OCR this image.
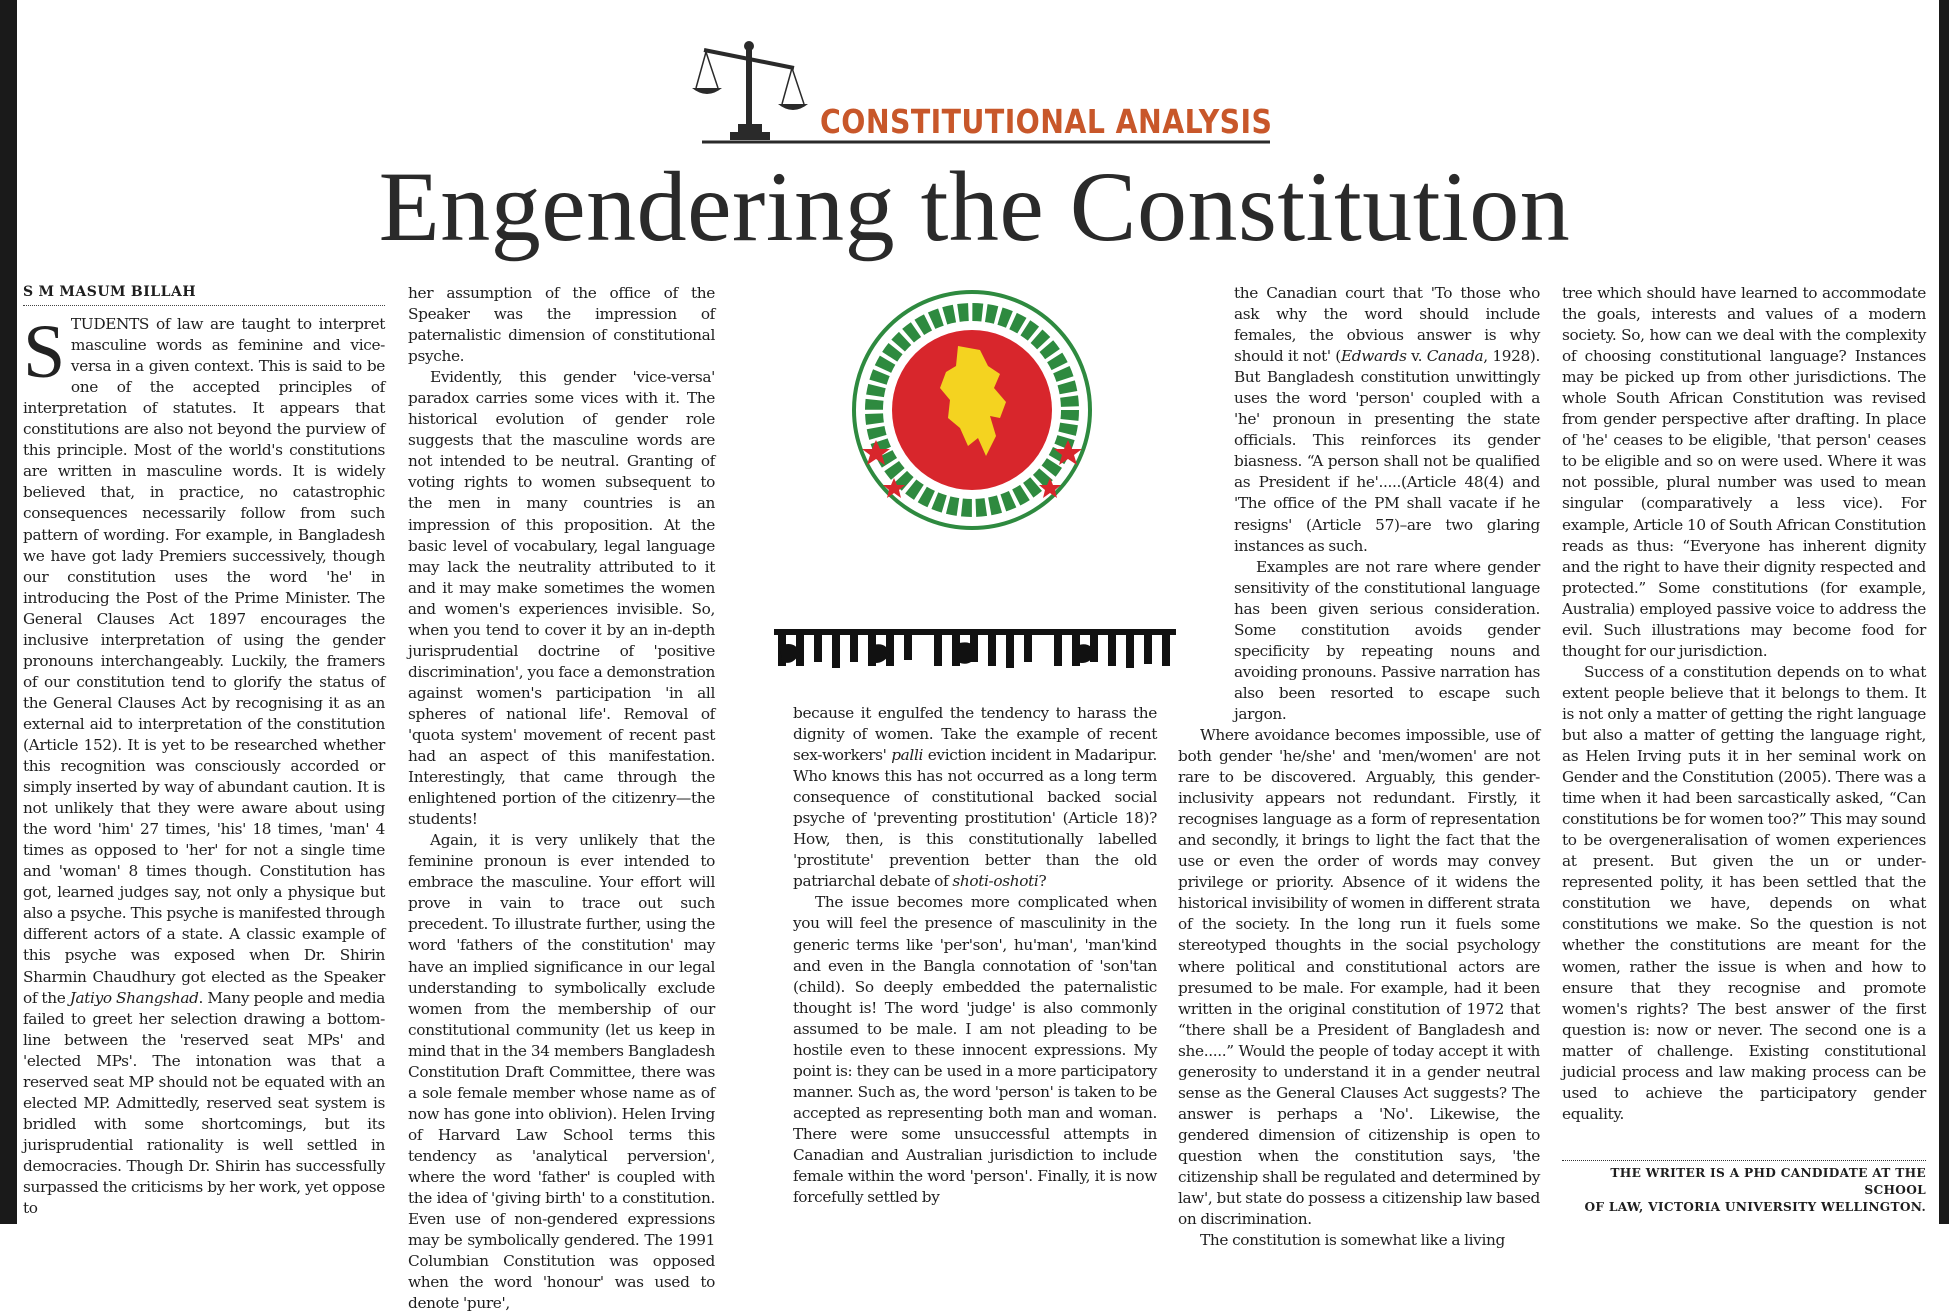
CONSTITUTIONAL ANALYSIS
Engendering the Constitution
S M MASUM BILLAH

STUDENTS of law are taught to interpret masculine words as feminine and vice-versa in a given context. This is said to be one of the accepted principles of interpretation of statutes. It appears that constitutions are also not beyond the purview of this principle. Most of the world's constitutions are written in masculine words. It is widely believed that, in practice, no catastrophic consequences necessarily follow from such pattern of wording. For example, in Bangladesh we have got lady Premiers successively, though our constitution uses the word 'he' in introducing the Post of the Prime Minister. The General Clauses Act 1897 encourages the inclusive interpretation of using the gender pronouns interchangeably. Luckily, the framers of our constitution tend to glorify the status of the General Clauses Act by recognising it as an external aid to interpretation of the constitution (Article 152). It is yet to be researched whether this recognition was consciously accorded or simply inserted by way of abundant caution. It is not unlikely that they were aware about using the word 'him' 27 times, 'his' 18 times, 'man' 4 times as opposed to 'her' for not a single time and 'woman' 8 times though. Constitution has got, learned judges say, not only a physique but also a psyche. This psyche is manifested through different actors of a state. A classic example of this psyche was exposed when Dr. Shirin Sharmin Chaudhury got elected as the Speaker of the Jatiyo Shangshad. Many people and media failed to greet her selection drawing a bottom-line between the 'reserved seat MPs' and 'elected MPs'. The intonation was that a reserved seat MP should not be equated with an elected MP. Admittedly, reserved seat system is bridled with some shortcomings, but its jurisprudential rationality is well settled in democracies. Though Dr. Shirin has successfully surpassed the criticisms by her work, yet oppose to

her assumption of the office of the Speaker was the impression of paternalistic dimension of constitutional psyche.

Evidently, this gender 'vice-versa' paradox carries some vices with it. The historical evolution of gender role suggests that the masculine words are not intended to be neutral. Granting of voting rights to women subsequent to the men in many countries is an impression of this proposition. At the basic level of vocabulary, legal language may lack the neutrality attributed to it and it may make sometimes the women and women's experiences invisible. So, when you tend to cover it by an in-depth jurisprudential doctrine of 'positive discrimination', you face a demonstration against women's participation 'in all spheres of national life'. Removal of 'quota system' movement of recent past had an aspect of this manifestation. Interestingly, that came through the enlightened portion of the citizenry—the students!

Again, it is very unlikely that the feminine pronoun is ever intended to embrace the masculine. Your effort will prove in vain to trace out such precedent. To illustrate further, using the word 'fathers of the constitution' may have an implied significance in our legal understanding to symbolically exclude women from the membership of our constitutional community (let us keep in mind that in the 34 members Bangladesh Constitution Draft Committee, there was a sole female member whose name as of now has gone into oblivion). Helen Irving of Harvard Law School terms this tendency as 'analytical perversion', where the word 'father' is coupled with the idea of 'giving birth' to a constitution. Even use of non-gendered expressions may be symbolically gendered. The 1991 Columbian Constitution was opposed when the word 'honour' was used to denote 'pure',

because it engulfed the tendency to harass the dignity of women. Take the example of recent sex-workers' palli eviction incident in Madaripur. Who knows this has not occurred as a long term consequence of constitutional backed social psyche of 'preventing prostitution' (Article 18)? How, then, is this constitutionally labelled 'prostitute' prevention better than the old patriarchal debate of shoti-oshoti?

The issue becomes more complicated when you will feel the presence of masculinity in the generic terms like 'per'son', hu'man', 'man'kind and even in the Bangla connotation of 'son'tan (child). So deeply embedded the paternalistic thought is! The word 'judge' is also commonly assumed to be male. I am not pleading to be hostile even to these innocent expressions. My point is: they can be used in a more participatory manner. Such as, the word 'person' is taken to be accepted as representing both man and woman. There were some unsuccessful attempts in Canadian and Australian jurisdiction to include female within the word 'person'. Finally, it is now forcefully settled by

the Canadian court that 'To those who ask why the word should include females, the obvious answer is why should it not' (Edwards v. Canada, 1928). But Bangladesh constitution unwittingly uses the word 'person' coupled with a 'he' pronoun in presenting the state officials. This reinforces its gender biasness. “A person shall not be qualified as President if he'.....(Article 48(4) and 'The office of the PM shall vacate if he resigns' (Article 57)–are two glaring instances as such.

Examples are not rare where gender sensitivity of the constitutional language has been given serious consideration. Some constitution avoids gender specificity by repeating nouns and avoiding pronouns. Passive narration has also been resorted to escape such jargon.

Where avoidance becomes impossible, use of both gender 'he/she' and 'men/women' are not rare to be discovered. Arguably, this gender-inclusivity appears not redundant. Firstly, it recognises language as a form of representation and secondly, it brings to light the fact that the use or even the order of words may convey privilege or priority. Absence of it widens the historical invisibility of women in different strata of the society. In the long run it fuels some stereotyped thoughts in the social psychology where political and constitutional actors are presumed to be male. For example, had it been written in the original constitution of 1972 that “there shall be a President of Bangladesh and she.....” Would the people of today accept it with generosity to understand it in a gender neutral sense as the General Clauses Act suggests? The answer is perhaps a 'No'. Likewise, the gendered dimension of citizenship is open to question when the constitution says, 'the citizenship shall be regulated and determined by law', but state do possess a citizenship law based on discrimination.

The constitution is somewhat like a living

tree which should have learned to accommodate the goals, interests and values of a modern society. So, how can we deal with the complexity of choosing constitutional language? Instances may be picked up from other jurisdictions. The whole South African Constitution was revised from gender perspective after drafting. In place of 'he' ceases to be eligible, 'that person' ceases to be eligible and so on were used. Where it was not possible, plural number was used to mean singular (comparatively a less vice). For example, Article 10 of South African Constitution reads as thus: “Everyone has inherent dignity and the right to have their dignity respected and protected.” Some constitutions (for example, Australia) employed passive voice to address the evil. Such illustrations may become food for thought for our jurisdiction.

Success of a constitution depends on to what extent people believe that it belongs to them. It is not only a matter of getting the right language but also a matter of getting the language right, as Helen Irving puts it in her seminal work on Gender and the Constitution (2005). There was a time when it had been sarcastically asked, “Can constitutions be for women too?” This may sound to be overgeneralisation of women experiences at present. But given the un or under-represented polity, it has been settled that the constitution we have, depends on what constitutions we make. So the question is not whether the constitutions are meant for the women, rather the issue is when and how to ensure that they recognise and promote women's rights? The best answer of the first question is: now or never. The second one is a matter of challenge. Existing constitutional judicial process and law making process can be used to achieve the participatory gender equality.

THE WRITER IS A PHD CANDIDATE AT THE SCHOOL
OF LAW, VICTORIA UNIVERSITY WELLINGTON.
